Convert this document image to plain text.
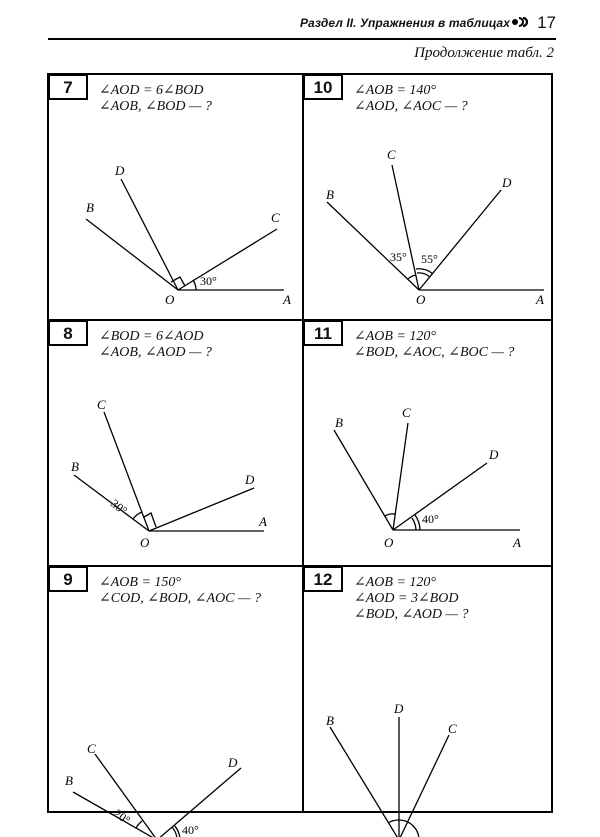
Раздел II. Упражнения в таблицах 17
Продолжение табл. 2
7	∠AOD = 6∠BOD
∠AOB, ∠BOD — ?
B
D
C
O	A
30°
10	∠AOB = 140°
∠AOD, ∠AOC — ?
B
C
D
O	A
35° 55°
8	∠BOD = 6∠AOD
∠AOB, ∠AOD — ?
B
C
D
O
A
30°
11	∠AOB = 120°
∠BOD, ∠AOC, ∠BOC — ?
B
C
D
O	A
40°
9	∠AOB = 150°
∠COD, ∠BOD, ∠AOC — ?
B
C
D
20°
40°
12	∠AOB = 120°
∠AOD = 3∠BOD
∠BOD, ∠AOD — ?
B
D
C
